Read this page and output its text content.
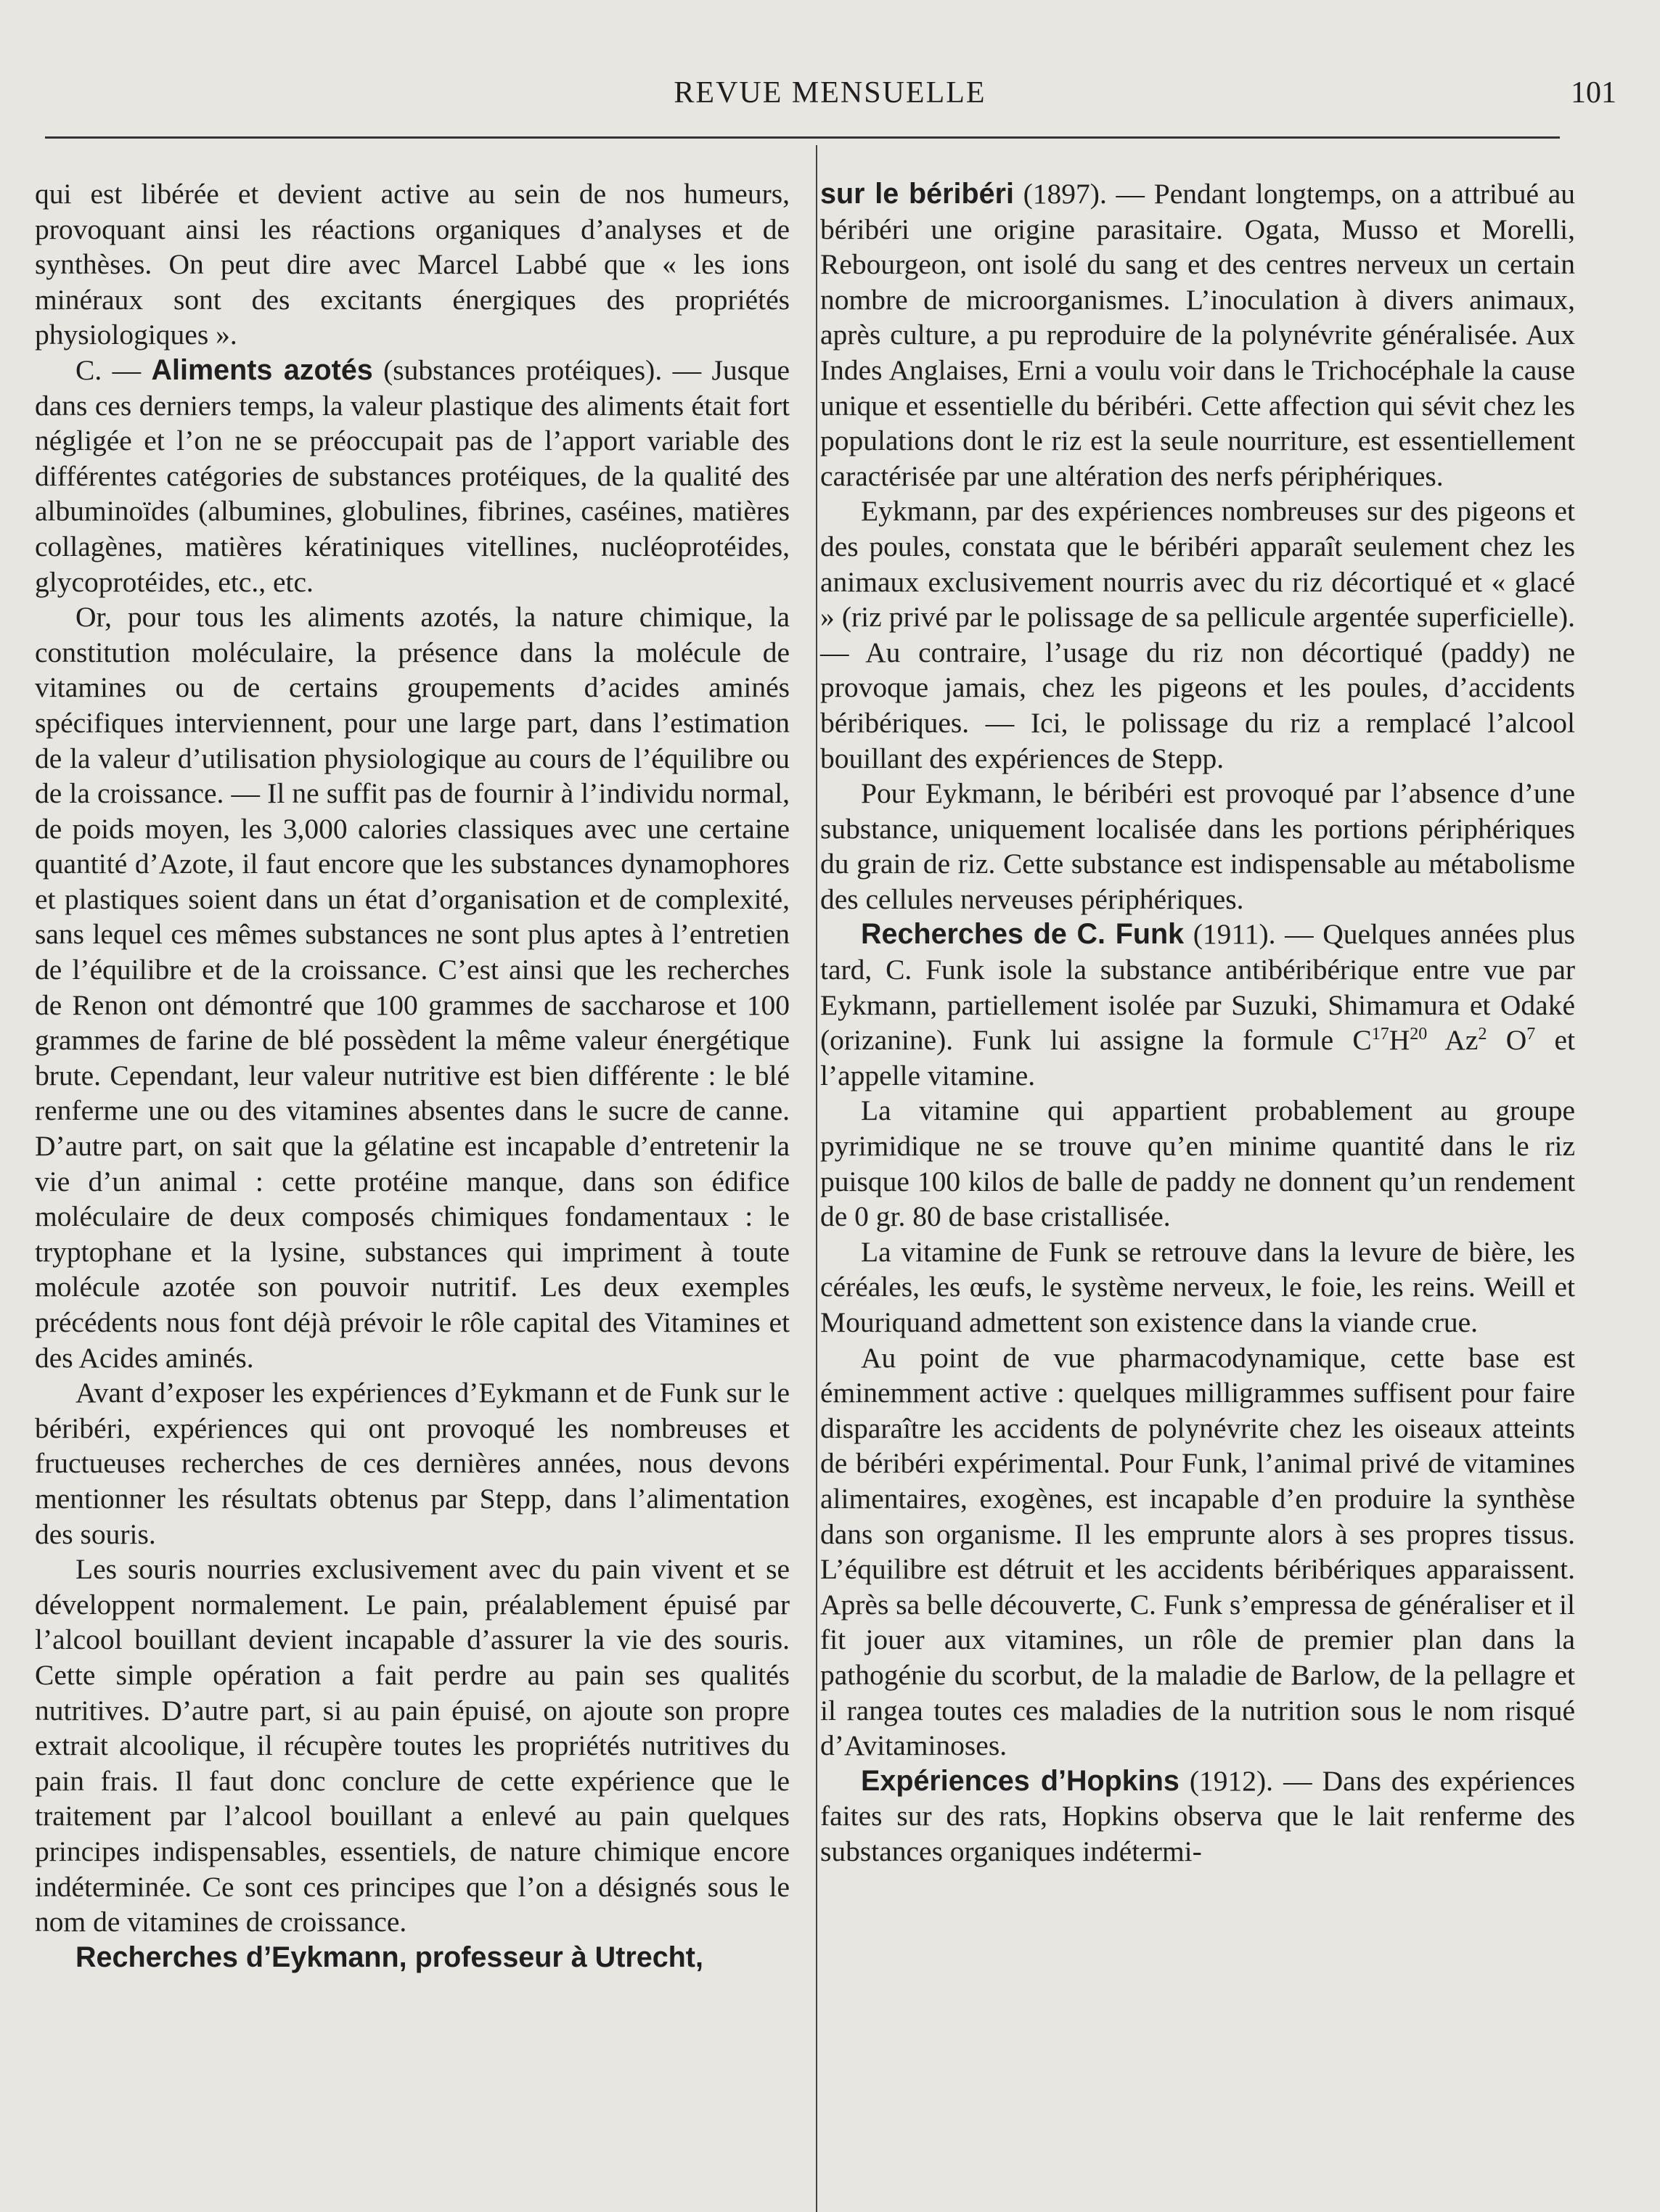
REVUE MENSUELLE	101

qui est libérée et devient active au sein de nos humeurs, provoquant ainsi les réactions organiques d’analyses et de synthèses. On peut dire avec Marcel Labbé que « les ions minéraux sont des excitants énergiques des propriétés physiologiques ».

C. — Aliments azotés (substances protéiques). — Jusque dans ces derniers temps, la valeur plastique des aliments était fort négligée et l’on ne se préoccupait pas de l’apport variable des différentes catégories de substances protéiques, de la qualité des albuminoïdes (albumines, globulines, fibrines, caséines, matières collagènes, matières kératiniques vitellines, nucléoprotéides, glycoprotéides, etc., etc.

Or, pour tous les aliments azotés, la nature chimique, la constitution moléculaire, la présence dans la molécule de vitamines ou de certains groupements d’acides aminés spécifiques interviennent, pour une large part, dans l’estimation de la valeur d’utilisation physiologique au cours de l’équilibre ou de la croissance. — Il ne suffit pas de fournir à l’individu normal, de poids moyen, les 3,000 calories classiques avec une certaine quantité d’Azote, il faut encore que les substances dynamophores et plastiques soient dans un état d’organisation et de complexité, sans lequel ces mêmes substances ne sont plus aptes à l’entretien de l’équilibre et de la croissance. C’est ainsi que les recherches de Renon ont démontré que 100 grammes de saccharose et 100 grammes de farine de blé possèdent la même valeur énergétique brute. Cependant, leur valeur nutritive est bien différente : le blé renferme une ou des vitamines absentes dans le sucre de canne. D’autre part, on sait que la gélatine est incapable d’entretenir la vie d’un animal : cette protéine manque, dans son édifice moléculaire de deux composés chimiques fondamentaux : le tryptophane et la lysine, substances qui impriment à toute molécule azotée son pouvoir nutritif. Les deux exemples précédents nous font déjà prévoir le rôle capital des Vitamines et des Acides aminés.

Avant d’exposer les expériences d’Eykmann et de Funk sur le béribéri, expériences qui ont provoqué les nombreuses et fructueuses recherches de ces dernières années, nous devons mentionner les résultats obtenus par Stepp, dans l’alimentation des souris.

Les souris nourries exclusivement avec du pain vivent et se développent normalement. Le pain, préalablement épuisé par l’alcool bouillant devient incapable d’assurer la vie des souris. Cette simple opération a fait perdre au pain ses qualités nutritives. D’autre part, si au pain épuisé, on ajoute son propre extrait alcoolique, il récupère toutes les propriétés nutritives du pain frais. Il faut donc conclure de cette expérience que le traitement par l’alcool bouillant a enlevé au pain quelques principes indispensables, essentiels, de nature chimique encore indéterminée. Ce sont ces principes que l’on a désignés sous le nom de vitamines de croissance.

Recherches d’Eykmann, professeur à Utrecht,

sur le béribéri (1897). — Pendant longtemps, on a attribué au béribéri une origine parasitaire. Ogata, Musso et Morelli, Rebourgeon, ont isolé du sang et des centres nerveux un certain nombre de microorganismes. L’inoculation à divers animaux, après culture, a pu reproduire de la polynévrite généralisée. Aux Indes Anglaises, Erni a voulu voir dans le Trichocéphale la cause unique et essentielle du béribéri. Cette affection qui sévit chez les populations dont le riz est la seule nourriture, est essentiellement caractérisée par une altération des nerfs périphériques.

Eykmann, par des expériences nombreuses sur des pigeons et des poules, constata que le béribéri apparaît seulement chez les animaux exclusivement nourris avec du riz décortiqué et « glacé » (riz privé par le polissage de sa pellicule argentée superficielle). — Au contraire, l’usage du riz non décortiqué (paddy) ne provoque jamais, chez les pigeons et les poules, d’accidents béribériques. — Ici, le polissage du riz a remplacé l’alcool bouillant des expériences de Stepp.

Pour Eykmann, le béribéri est provoqué par l’absence d’une substance, uniquement localisée dans les portions périphériques du grain de riz. Cette substance est indispensable au métabolisme des cellules nerveuses périphériques.

Recherches de C. Funk (1911). — Quelques années plus tard, C. Funk isole la substance antibéribérique entre vue par Eykmann, partiellement isolée par Suzuki, Shimamura et Odaké (orizanine). Funk lui assigne la formule $C^{17}H^{20}$ Az$^2$ $O^7$ et l’appelle vitamine.

La vitamine qui appartient probablement au groupe pyrimidique ne se trouve qu’en minime quantité dans le riz puisque 100 kilos de balle de paddy ne donnent qu’un rendement de 0 gr. 80 de base cristallisée.

La vitamine de Funk se retrouve dans la levure de bière, les céréales, les œufs, le système nerveux, le foie, les reins. Weill et Mouriquand admettent son existence dans la viande crue.

Au point de vue pharmacodynamique, cette base est éminemment active : quelques milligrammes suffisent pour faire disparaître les accidents de polynévrite chez les oiseaux atteints de béribéri expérimental. Pour Funk, l’animal privé de vitamines alimentaires, exogènes, est incapable d’en produire la synthèse dans son organisme. Il les emprunte alors à ses propres tissus. L’équilibre est détruit et les accidents béribériques apparaissent. Après sa belle découverte, C. Funk s’empressa de généraliser et il fit jouer aux vitamines, un rôle de premier plan dans la pathogénie du scorbut, de la maladie de Barlow, de la pellagre et il rangea toutes ces maladies de la nutrition sous le nom risqué d’Avitaminoses.

Expériences d’Hopkins (1912). — Dans des expériences faites sur des rats, Hopkins observa que le lait renferme des substances organiques indétermi-
